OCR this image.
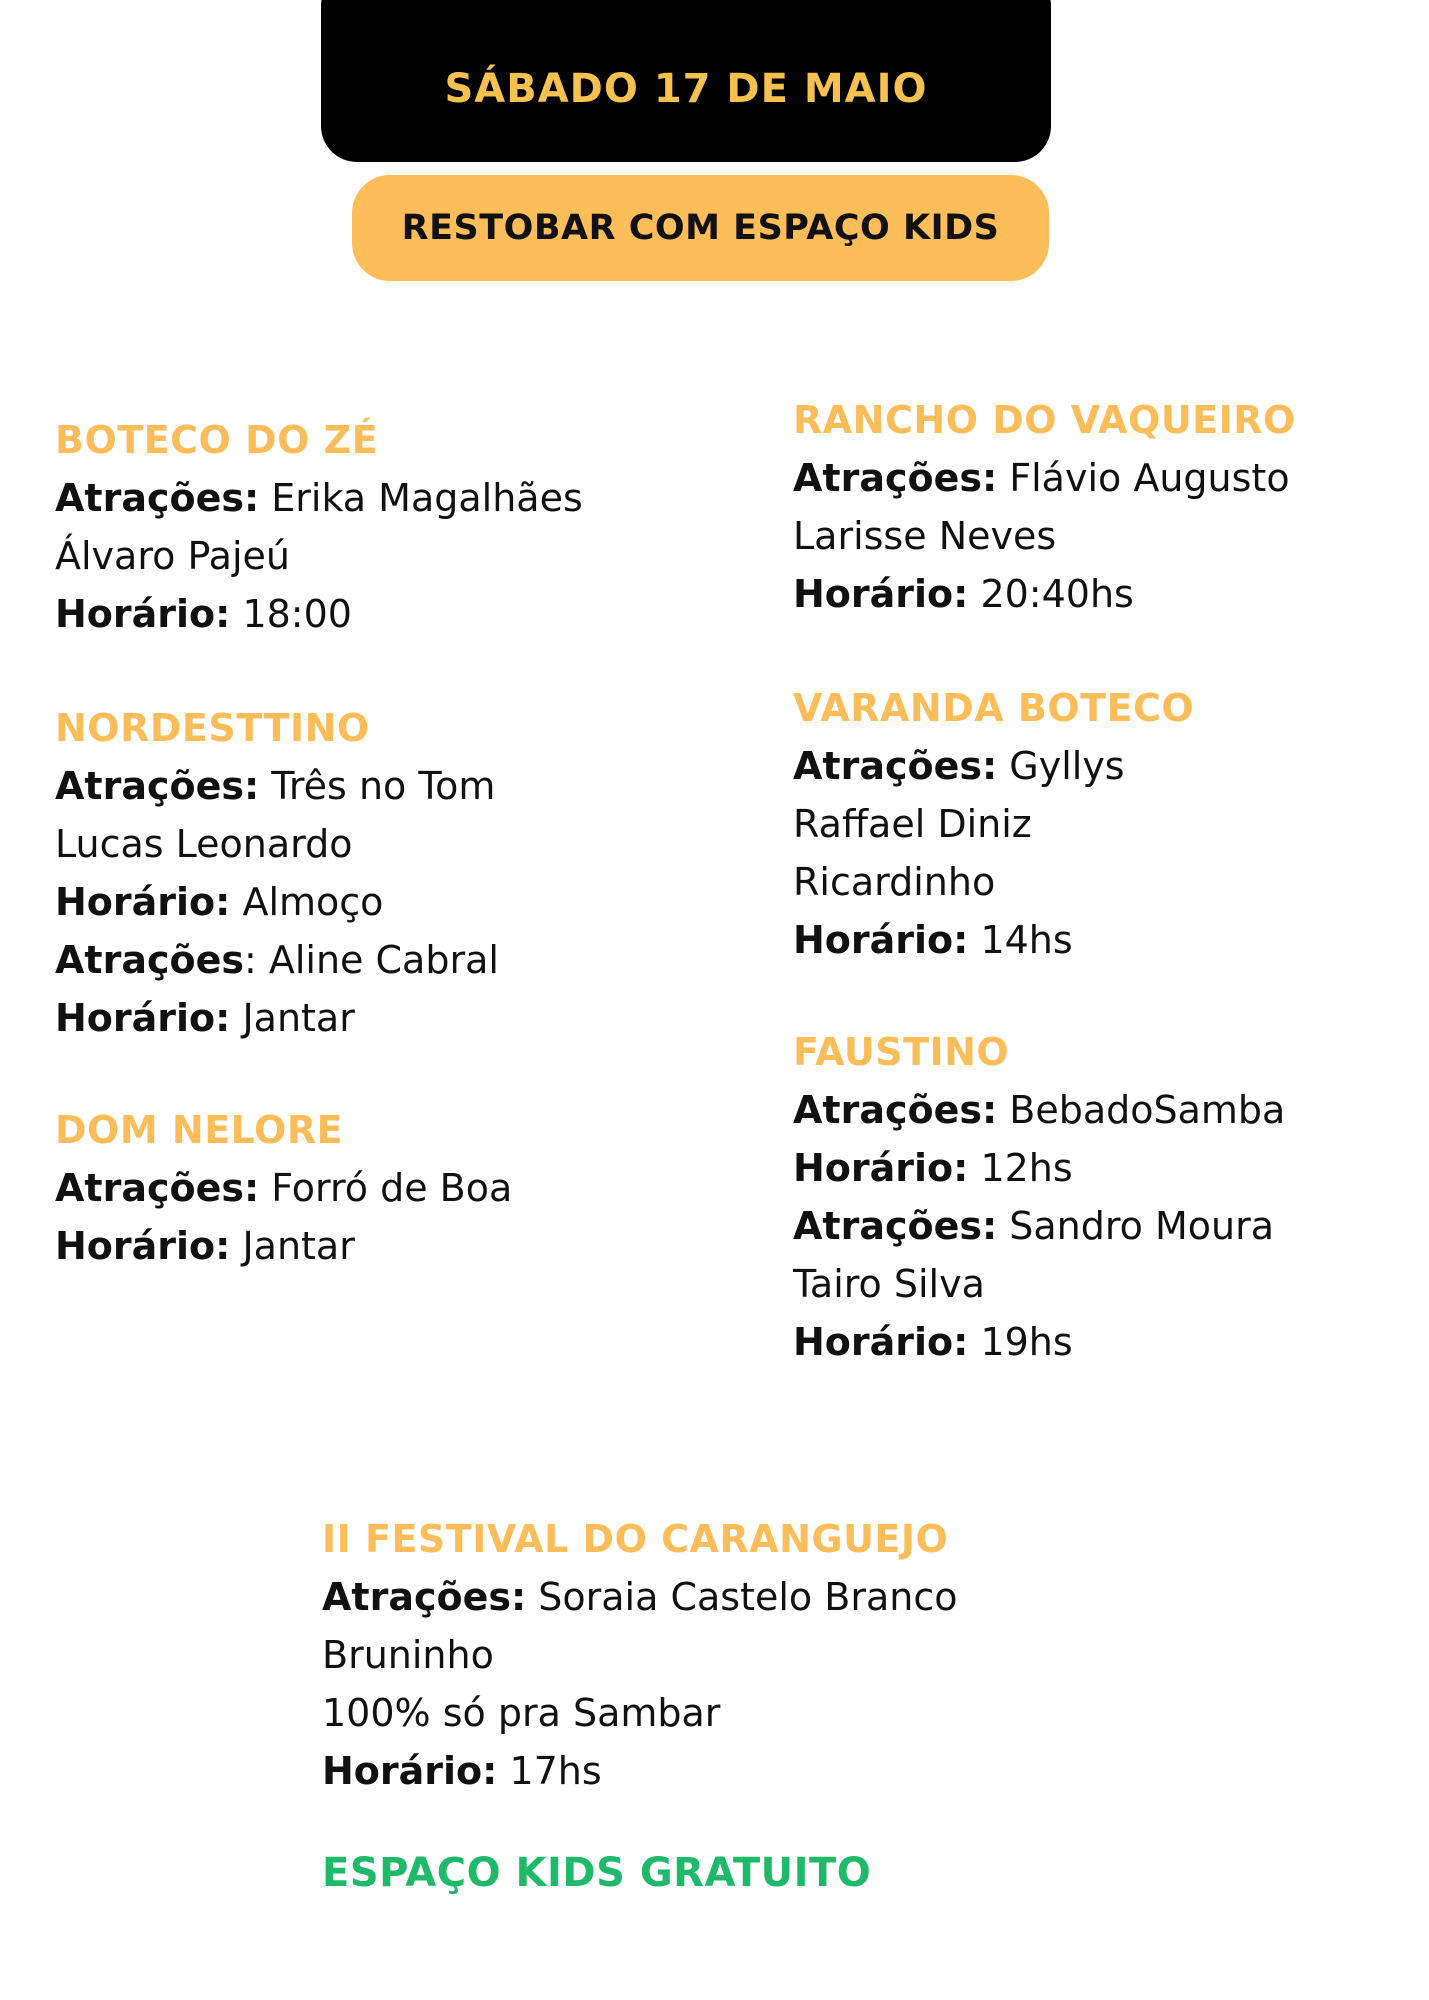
SÁBADO 17 DE MAIO
RESTOBAR COM ESPAÇO KIDS
BOTECO DO ZÉ
Atrações: Erika Magalhães
Álvaro Pajeú
Horário: 18:00
NORDESTTINO
Atrações: Três no Tom
Lucas Leonardo
Horário: Almoço
Atrações: Aline Cabral
Horário: Jantar
DOM NELORE
Atrações: Forró de Boa
Horário: Jantar
RANCHO DO VAQUEIRO
Atrações: Flávio Augusto
Larisse Neves
Horário: 20:40hs
VARANDA BOTECO
Atrações: Gyllys
Raffael Diniz
Ricardinho
Horário: 14hs
FAUSTINO
Atrações: BebadoSamba
Horário: 12hs
Atrações: Sandro Moura
Tairo Silva
Horário: 19hs
II FESTIVAL DO CARANGUEJO
Atrações: Soraia Castelo Branco
Bruninho
100% só pra Sambar
Horário: 17hs
ESPAÇO KIDS GRATUITO
